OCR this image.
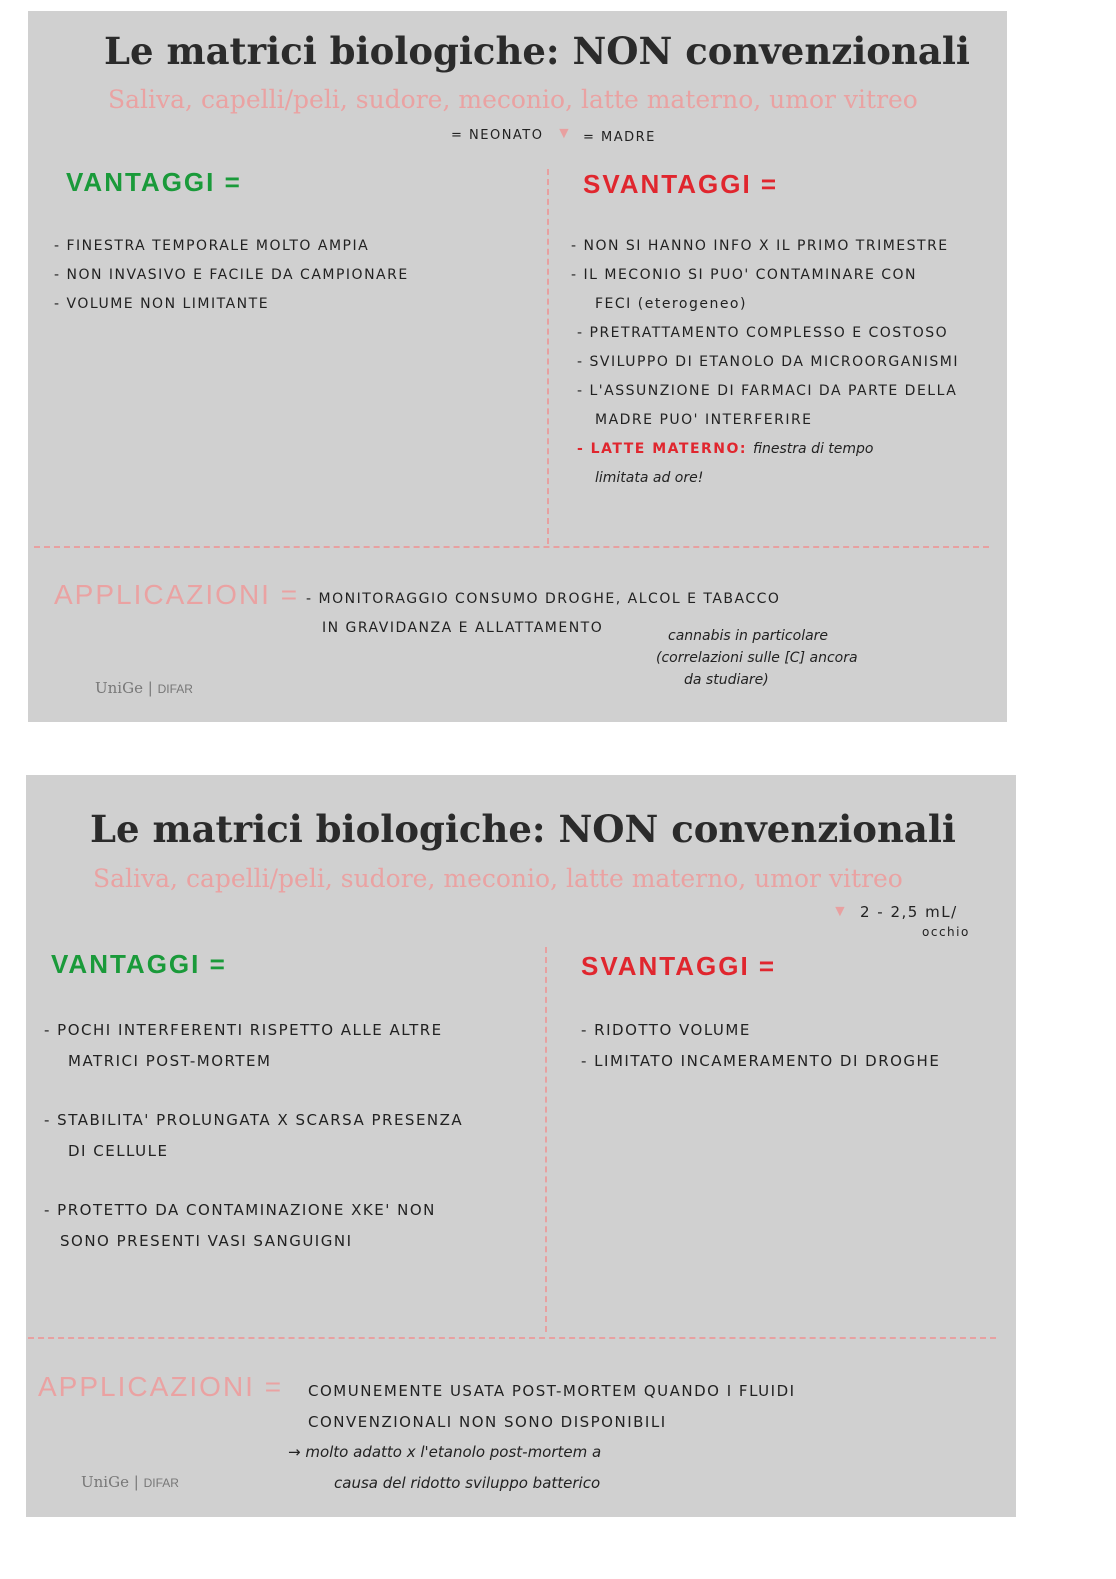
Le matrici biologiche: NON convenzionali
Saliva, capelli/peli, sudore, meconio, latte materno, umor vitreo
= NEONATO ▼ = MADRE
VANTAGGI =	SVANTAGGI =
- FINESTRA TEMPORALE MOLTO AMPIA
- NON INVASIVO E FACILE DA CAMPIONARE
- VOLUME NON LIMITANTE
- NON SI HANNO INFO X IL PRIMO TRIMESTRE
- IL MECONIO SI PUO' CONTAMINARE CON
FECI (eterogeneo)
- PRETRATTAMENTO COMPLESSO E COSTOSO
- SVILUPPO DI ETANOLO DA MICROORGANISMI
- L'ASSUNZIONE DI FARMACI DA PARTE DELLA
MADRE PUO' INTERFERIRE
- LATTE MATERNO: finestra di tempo
limitata ad ore!
APPLICAZIONI = - MONITORAGGIO CONSUMO DROGHE, ALCOL E TABACCO
IN GRAVIDANZA E ALLATTAMENTO	cannabis in particolare
(correlazioni sulle [C] ancora
da studiare)
UniGe | DIFAR
Le matrici biologiche: NON convenzionali
Saliva, capelli/peli, sudore, meconio, latte materno, umor vitreo
▼ 2 - 2,5 mL/
occhio
VANTAGGI =	SVANTAGGI =
- POCHI INTERFERENTI RISPETTO ALLE ALTRE
MATRICI POST-MORTEM
- STABILITA' PROLUNGATA X SCARSA PRESENZA
DI CELLULE
- PROTETTO DA CONTAMINAZIONE XKE' NON
SONO PRESENTI VASI SANGUIGNI
- RIDOTTO VOLUME
- LIMITATO INCAMERAMENTO DI DROGHE
APPLICAZIONI = COMUNEMENTE USATA POST-MORTEM QUANDO I FLUIDI
CONVENZIONALI NON SONO DISPONIBILI
→ molto adatto x l'etanolo post-mortem a
causa del ridotto sviluppo batterico
UniGe | DIFAR
